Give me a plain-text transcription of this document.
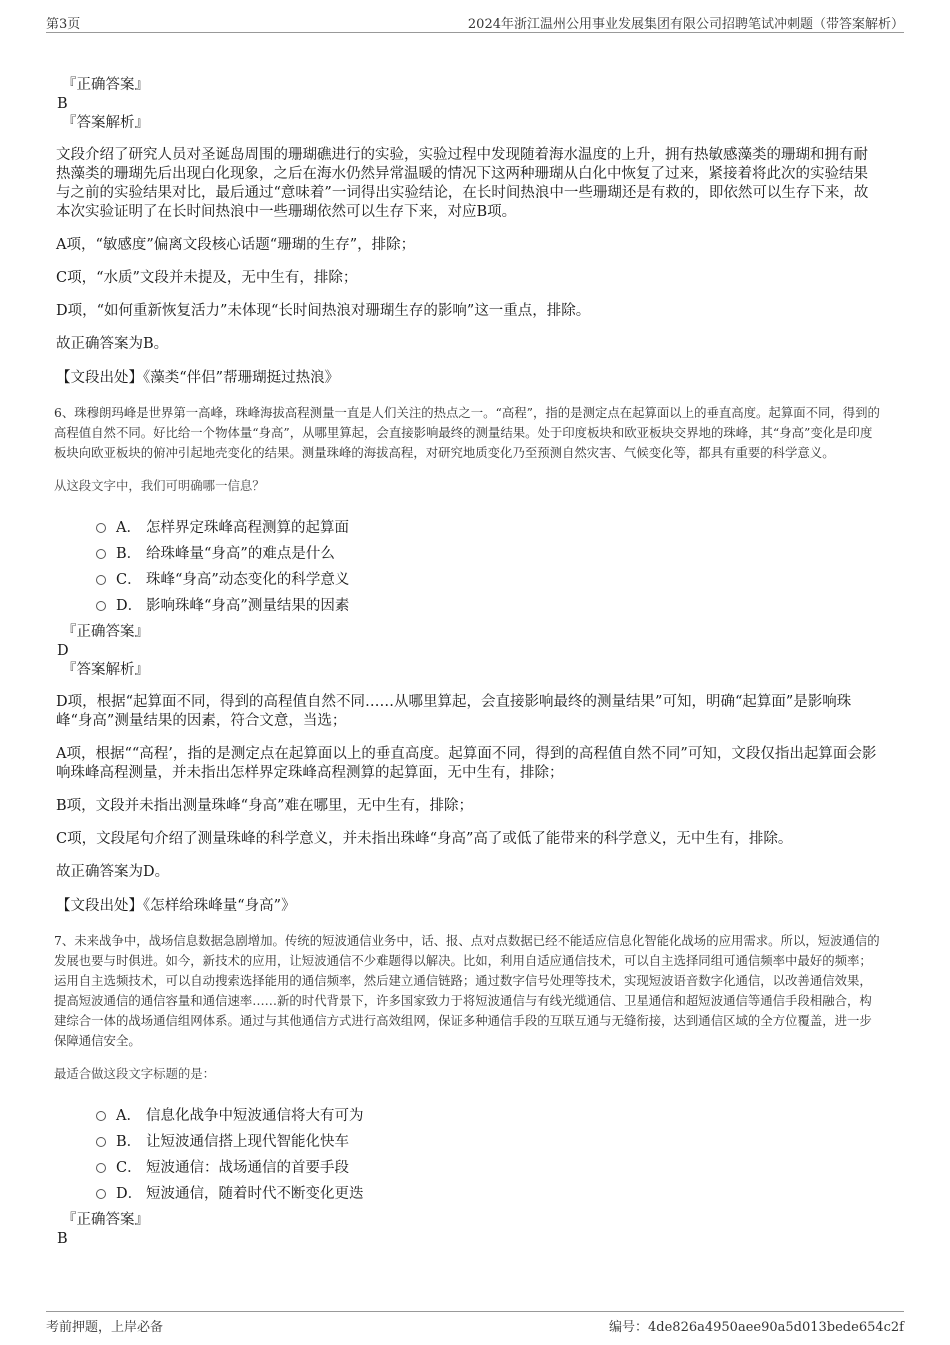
第3页	2024年浙江温州公用事业发展集团有限公司招聘笔试冲刺题（带答案解析）
『正确答案』
B
『答案解析』
文段介绍了研究人员对圣诞岛周围的珊瑚礁进行的实验，实验过程中发现随着海水温度的上升，拥有热敏感藻类的珊瑚和拥有耐热藻类的珊瑚先后出现白化现象，之后在海水仍然异常温暖的情况下这两种珊瑚从白化中恢复了过来，紧接着将此次的实验结果与之前的实验结果对比，最后通过“意味着”一词得出实验结论，在长时间热浪中一些珊瑚还是有救的，即依然可以生存下来，故本次实验证明了在长时间热浪中一些珊瑚依然可以生存下来，对应B项。
A项，“敏感度”偏离文段核心话题“珊瑚的生存”，排除；
C项，“水质”文段并未提及，无中生有，排除；
D项，“如何重新恢复活力”未体现“长时间热浪对珊瑚生存的影响”这一重点，排除。
故正确答案为B。
【文段出处】《藻类“伴侣”帮珊瑚挺过热浪》
6、珠穆朗玛峰是世界第一高峰，珠峰海拔高程测量一直是人们关注的热点之一。“高程”，指的是测定点在起算面以上的垂直高度。起算面不同，得到的高程值自然不同。好比给一个物体量“身高”，从哪里算起，会直接影响最终的测量结果。处于印度板块和欧亚板块交界地的珠峰，其“身高”变化是印度板块向欧亚板块的俯冲引起地壳变化的结果。测量珠峰的海拔高程，对研究地质变化乃至预测自然灾害、气候变化等，都具有重要的科学意义。
从这段文字中，我们可明确哪一信息？
A． 怎样界定珠峰高程测算的起算面
B． 给珠峰量“身高”的难点是什么
C． 珠峰“身高”动态变化的科学意义
D． 影响珠峰“身高”测量结果的因素
『正确答案』
D
『答案解析』
D项，根据“起算面不同，得到的高程值自然不同……从哪里算起，会直接影响最终的测量结果”可知，明确“起算面”是影响珠峰“身高”测量结果的因素，符合文意，当选；
A项，根据““高程’，指的是测定点在起算面以上的垂直高度。起算面不同，得到的高程值自然不同”可知，文段仅指出起算面会影响珠峰高程测量，并未指出怎样界定珠峰高程测算的起算面，无中生有，排除；
B项，文段并未指出测量珠峰“身高”难在哪里，无中生有，排除；
C项，文段尾句介绍了测量珠峰的科学意义，并未指出珠峰“身高”高了或低了能带来的科学意义，无中生有，排除。
故正确答案为D。
【文段出处】《怎样给珠峰量“身高”》
7、未来战争中，战场信息数据急剧增加。传统的短波通信业务中，话、报、点对点数据已经不能适应信息化智能化战场的应用需求。所以，短波通信的发展也要与时俱进。如今，新技术的应用，让短波通信不少难题得以解决。比如，利用自适应通信技术，可以自主选择同组可通信频率中最好的频率；运用自主选频技术，可以自动搜索选择能用的通信频率，然后建立通信链路；通过数字信号处理等技术，实现短波语音数字化通信，以改善通信效果，提高短波通信的通信容量和通信速率……新的时代背景下，许多国家致力于将短波通信与有线光缆通信、卫星通信和超短波通信等通信手段相融合，构建综合一体的战场通信组网体系。通过与其他通信方式进行高效组网，保证多种通信手段的互联互通与无缝衔接，达到通信区域的全方位覆盖，进一步保障通信安全。
最适合做这段文字标题的是：
A． 信息化战争中短波通信将大有可为
B． 让短波通信搭上现代智能化快车
C． 短波通信：战场通信的首要手段
D． 短波通信，随着时代不断变化更迭
『正确答案』
B
考前押题，上岸必备	编号：4de826a4950aee90a5d013bede654c2f
